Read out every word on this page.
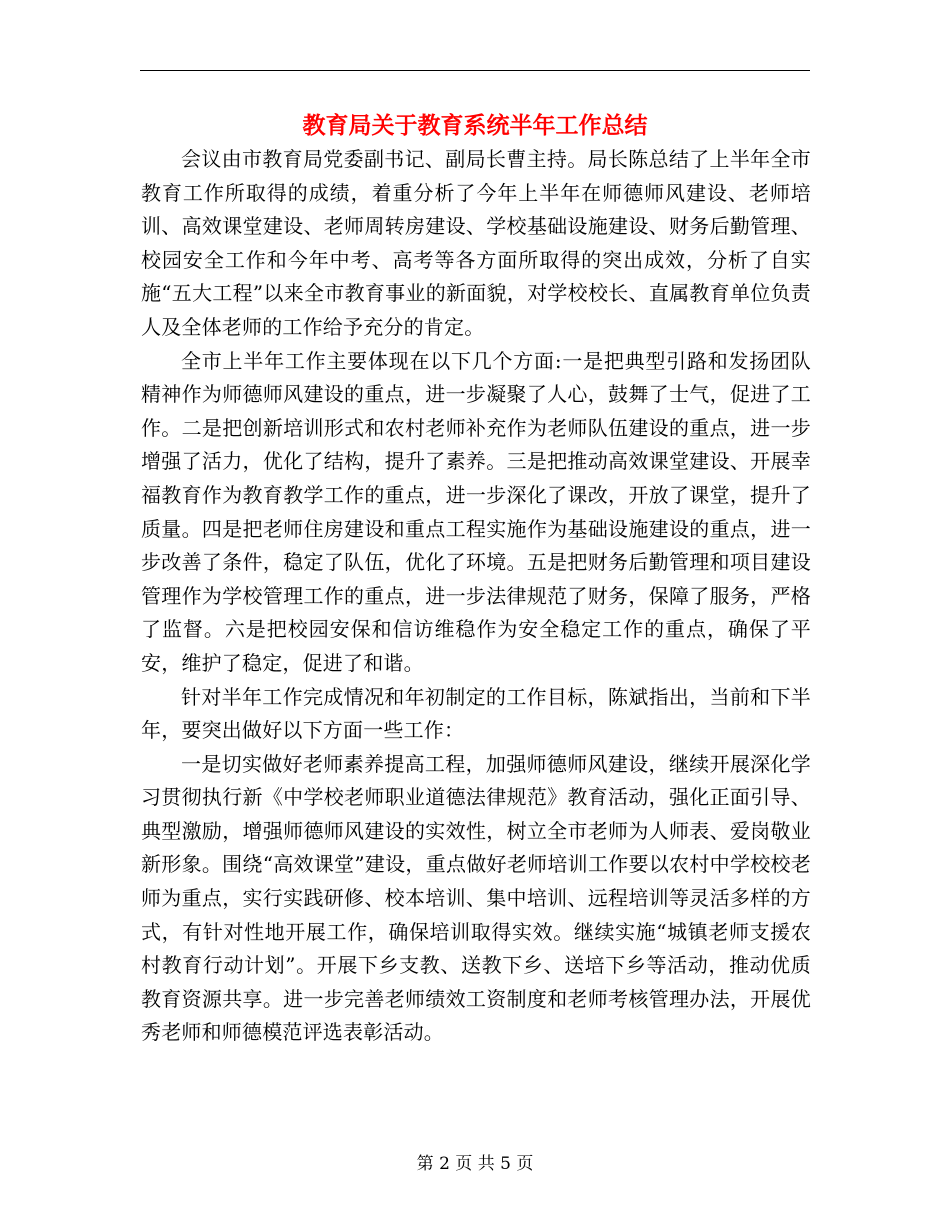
教育局关于教育系统半年工作总结

会议由市教育局党委副书记、副局长曹主持。局长陈总结了上半年全市教育工作所取得的成绩，着重分析了今年上半年在师德师风建设、老师培训、高效课堂建设、老师周转房建设、学校基础设施建设、财务后勤管理、校园安全工作和今年中考、高考等各方面所取得的突出成效，分析了自实施“五大工程”以来全市教育事业的新面貌，对学校校长、直属教育单位负责人及全体老师的工作给予充分的肯定。

全市上半年工作主要体现在以下几个方面:一是把典型引路和发扬团队精神作为师德师风建设的重点，进一步凝聚了人心，鼓舞了士气，促进了工作。二是把创新培训形式和农村老师补充作为老师队伍建设的重点，进一步增强了活力，优化了结构，提升了素养。三是把推动高效课堂建设、开展幸福教育作为教育教学工作的重点，进一步深化了课改，开放了课堂，提升了质量。四是把老师住房建设和重点工程实施作为基础设施建设的重点，进一步改善了条件，稳定了队伍，优化了环境。五是把财务后勤管理和项目建设管理作为学校管理工作的重点，进一步法律规范了财务，保障了服务，严格了监督。六是把校园安保和信访维稳作为安全稳定工作的重点，确保了平安，维护了稳定，促进了和谐。

针对半年工作完成情况和年初制定的工作目标，陈斌指出，当前和下半年，要突出做好以下方面一些工作：

一是切实做好老师素养提高工程，加强师德师风建设，继续开展深化学习贯彻执行新《中学校老师职业道德法律规范》教育活动，强化正面引导、典型激励，增强师德师风建设的实效性，树立全市老师为人师表、爱岗敬业新形象。围绕“高效课堂”建设，重点做好老师培训工作要以农村中学校校老师为重点，实行实践研修、校本培训、集中培训、远程培训等灵活多样的方式，有针对性地开展工作，确保培训取得实效。继续实施“城镇老师支援农村教育行动计划”。开展下乡支教、送教下乡、送培下乡等活动，推动优质教育资源共享。进一步完善老师绩效工资制度和老师考核管理办法，开展优秀老师和师德模范评选表彰活动。

第 2 页 共 5 页
